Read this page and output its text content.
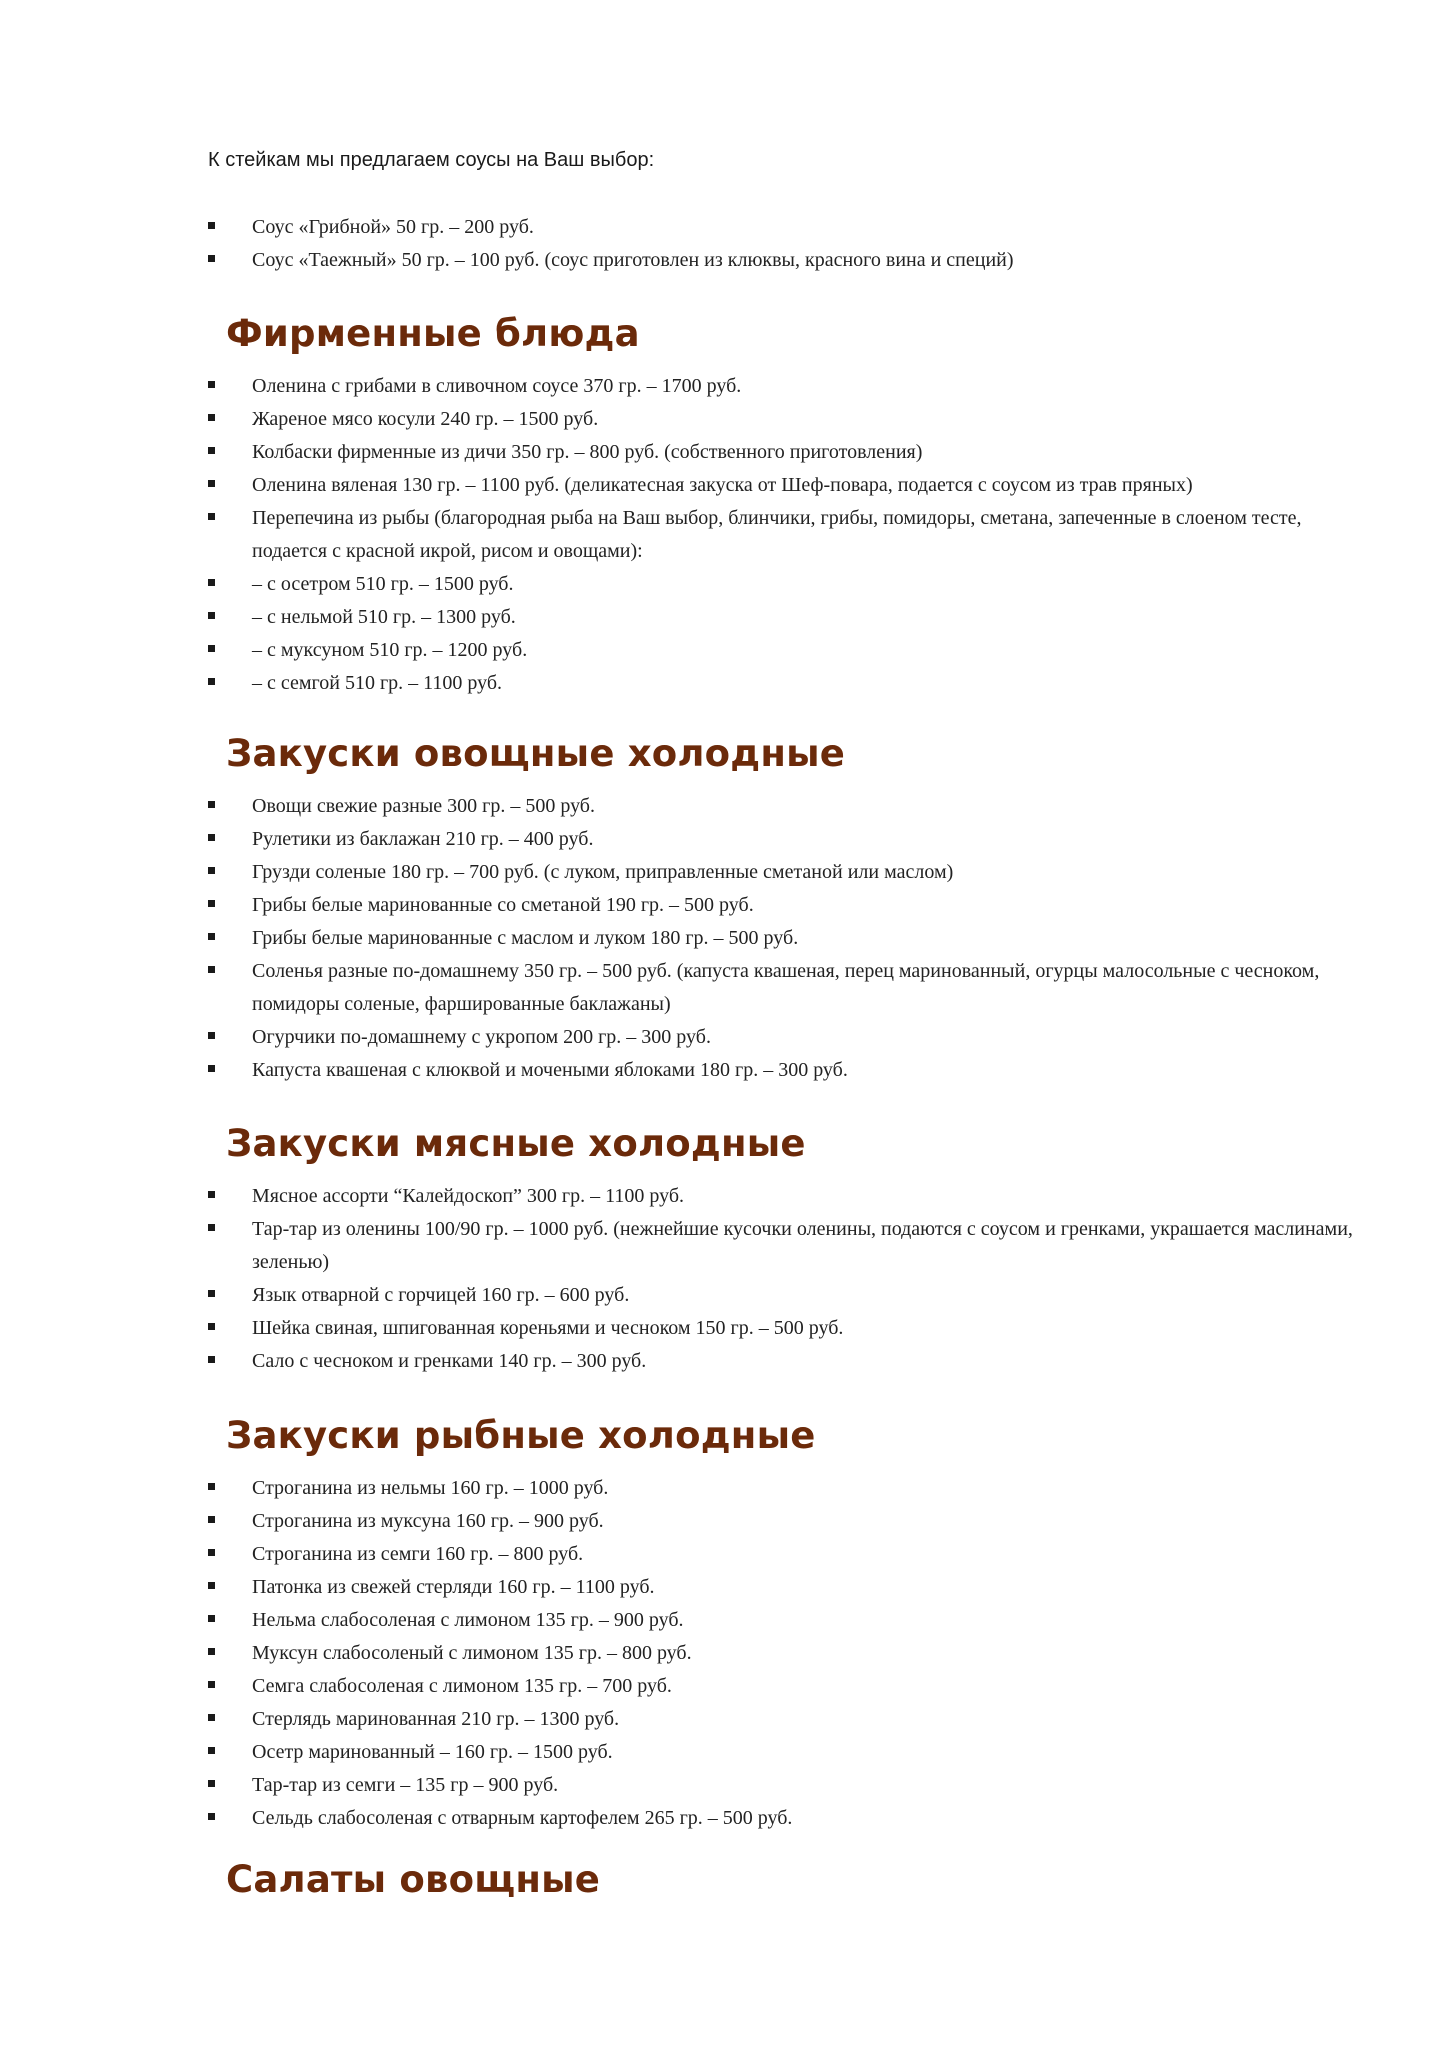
К стейкам мы предлагаем соусы на Ваш выбор:

Соус «Грибной» 50 гр. – 200 руб.
Соус «Таежный» 50 гр. – 100 руб. (соус приготовлен из клюквы, красного вина и специй)
Фирменные блюда
Оленина с грибами в сливочном соусе 370 гр. – 1700 руб.
Жареное мясо косули 240 гр. – 1500 руб.
Колбаски фирменные из дичи 350 гр. – 800 руб. (собственного приготовления)
Оленина вяленая 130 гр. – 1100 руб. (деликатесная закуска от Шеф-повара, подается с соусом из трав пряных)
Перепечина из рыбы (благородная рыба на Ваш выбор, блинчики, грибы, помидоры, сметана, запеченные в слоеном тесте, подается с красной икрой, рисом и овощами):
– с осетром 510 гр. – 1500 руб.
– с нельмой 510 гр. – 1300 руб.
– с муксуном 510 гр. – 1200 руб.
– с семгой 510 гр. – 1100 руб.
Закуски овощные холодные
Овощи свежие разные 300 гр. – 500 руб.
Рулетики из баклажан 210 гр. – 400 руб.
Грузди соленые 180 гр. – 700 руб. (с луком, приправленные сметаной или маслом)
Грибы белые маринованные со сметаной 190 гр. – 500 руб.
Грибы белые маринованные с маслом и луком 180 гр. – 500 руб.
Соленья разные по-домашнему 350 гр. – 500 руб. (капуста квашеная, перец маринованный, огурцы малосольные с чесноком, помидоры соленые, фаршированные баклажаны)
Огурчики по-домашнему с укропом 200 гр. – 300 руб.
Капуста квашеная с клюквой и мочеными яблоками 180 гр. – 300 руб.
Закуски мясные холодные
Мясное ассорти “Калейдоскоп” 300 гр. – 1100 руб.
Тар-тар из оленины 100/90 гр. – 1000 руб. (нежнейшие кусочки оленины, подаются с соусом и гренками, украшается маслинами, зеленью)
Язык отварной с горчицей 160 гр. – 600 руб.
Шейка свиная, шпигованная кореньями и чесноком 150 гр. – 500 руб.
Сало с чесноком и гренками 140 гр. – 300 руб.
Закуски рыбные холодные
Строганина из нельмы 160 гр. – 1000 руб.
Строганина из муксуна 160 гр. – 900 руб.
Строганина из семги 160 гр. – 800 руб.
Патонка из свежей стерляди 160 гр. – 1100 руб.
Нельма слабосоленая с лимоном 135 гр. – 900 руб.
Муксун слабосоленый с лимоном 135 гр. – 800 руб.
Семга слабосоленая с лимоном 135 гр. – 700 руб.
Стерлядь маринованная 210 гр. – 1300 руб.
Осетр маринованный – 160 гр. – 1500 руб.
Тар-тар из семги – 135 гр – 900 руб.
Сельдь слабосоленая с отварным картофелем 265 гр. – 500 руб.
Салаты овощные
